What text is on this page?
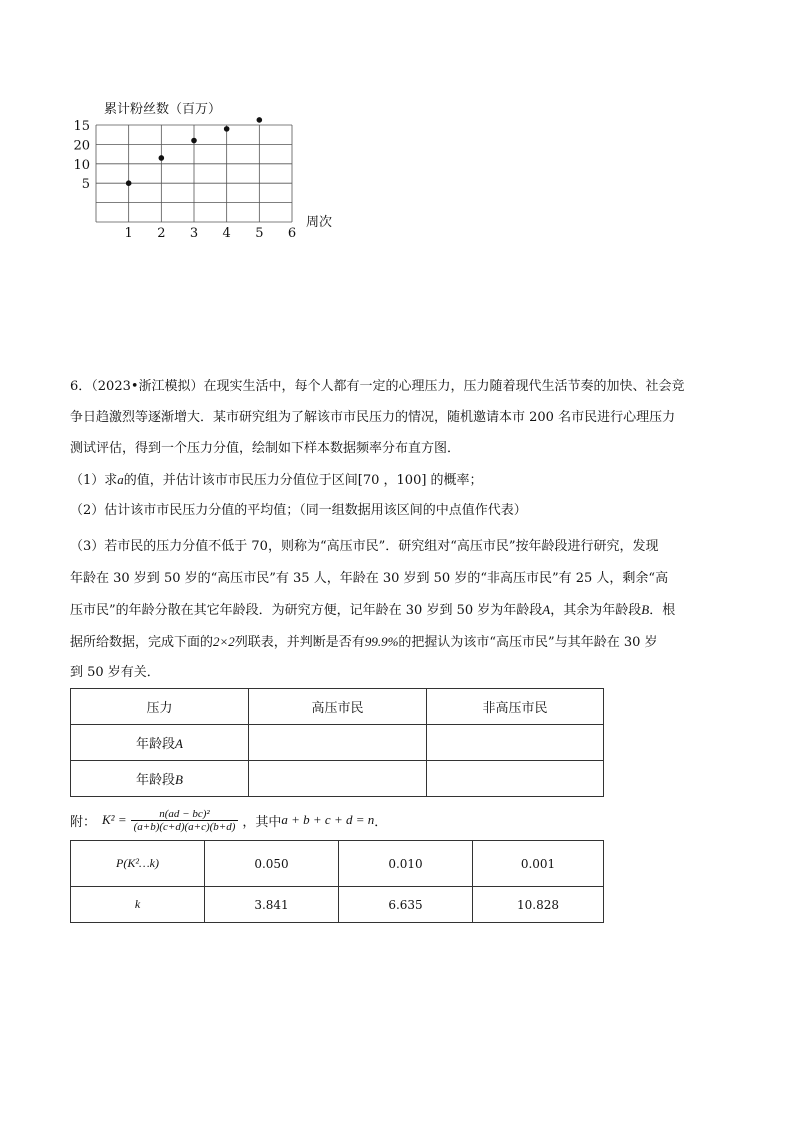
累计粉丝数（百万）
15
20
10
5
1 2 3 4 5 6
周次
6．（2023•浙江模拟）在现实生活中，每个人都有一定的心理压力，压力随着现代生活节奏的加快、社会竞
争日趋激烈等逐渐增大．某市研究组为了解该市市民压力的情况，随机邀请本市 200 名市民进行心理压力
测试评估，得到一个压力分值，绘制如下样本数据频率分布直方图．
（1）求a的值，并估计该市市民压力分值位于区间[70 ，100] 的概率；
（2）估计该市市民压力分值的平均值；（同一组数据用该区间的中点值作代表）
（3）若市民的压力分值不低于 70，则称为“高压市民”．研究组对“高压市民”按年龄段进行研究，发现
年龄在 30 岁到 50 岁的“高压市民”有 35 人，年龄在 30 岁到 50 岁的“非高压市民”有 25 人，剩余“高
压市民”的年龄分散在其它年龄段．为研究方便，记年龄在 30 岁到 50 岁为年龄段A，其余为年龄段B．根
据所给数据，完成下面的2×2列联表，并判断是否有99.9%的把握认为该市“高压市民”与其年龄在 30 岁
到 50 岁有关．
压力	高压市民	非高压市民
年龄段A		
年龄段B		
附： $K^2 = \frac{\text{n(ad − bc)²}}{(a+b)(c+d)(a+c)(b+d)}$ ，其中 a + b + c + d = n ．
P(K²…k)	0.050	0.010	0.001
k	3.841	6.635	10.828
